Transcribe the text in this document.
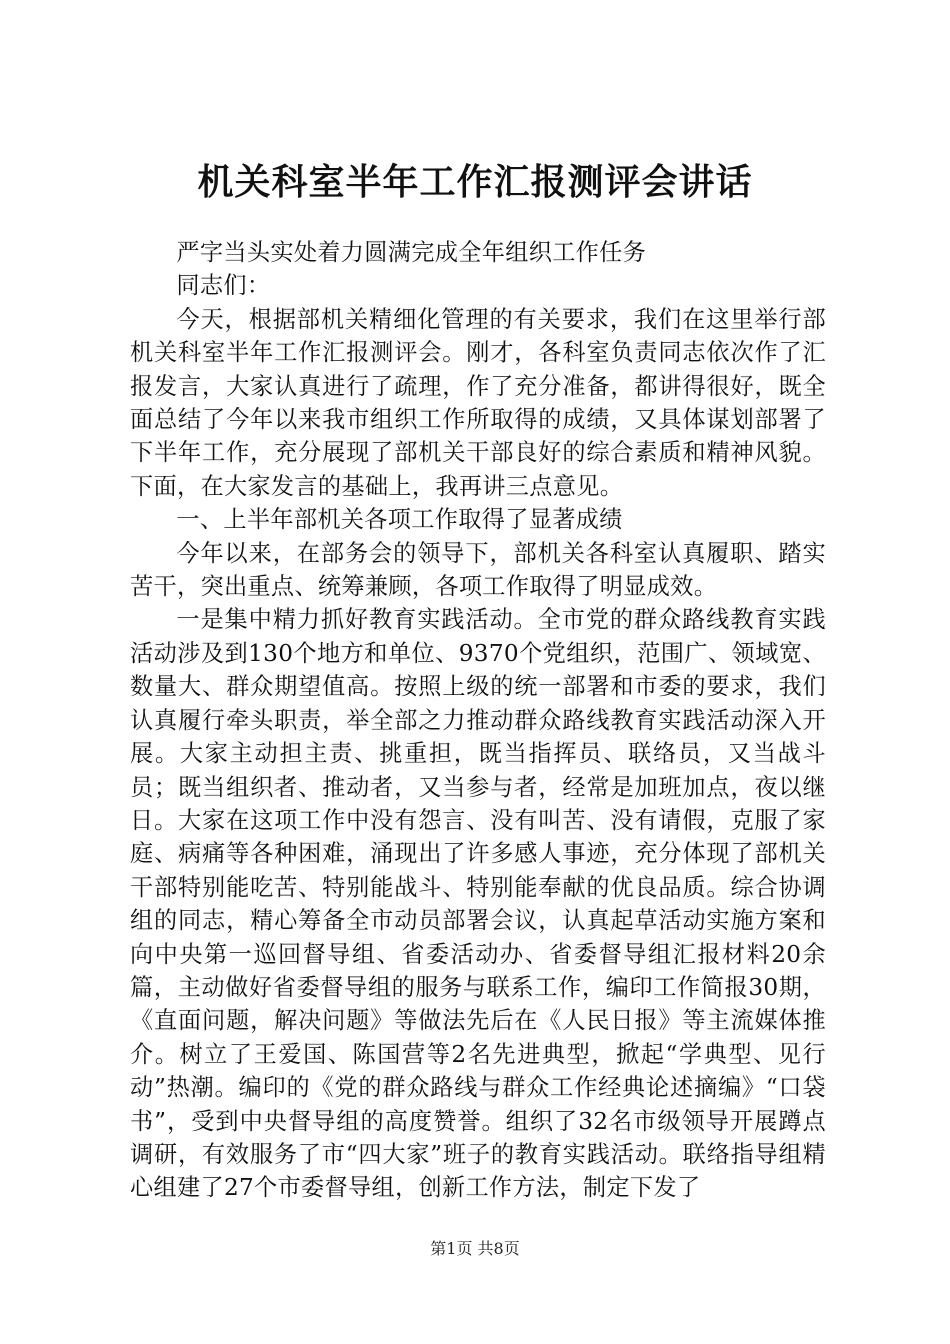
机关科室半年工作汇报测评会讲话

严字当头实处着力圆满完成全年组织工作任务

同志们：

今天，根据部机关精细化管理的有关要求，我们在这里举行部机关科室半年工作汇报测评会。刚才，各科室负责同志依次作了汇报发言，大家认真进行了疏理，作了充分准备，都讲得很好，既全面总结了今年以来我市组织工作所取得的成绩，又具体谋划部署了下半年工作，充分展现了部机关干部良好的综合素质和精神风貌。下面，在大家发言的基础上，我再讲三点意见。

一、上半年部机关各项工作取得了显著成绩

今年以来，在部务会的领导下，部机关各科室认真履职、踏实苦干，突出重点、统筹兼顾，各项工作取得了明显成效。

一是集中精力抓好教育实践活动。全市党的群众路线教育实践活动涉及到130个地方和单位、9370个党组织，范围广、领域宽、数量大、群众期望值高。按照上级的统一部署和市委的要求，我们认真履行牵头职责，举全部之力推动群众路线教育实践活动深入开展。大家主动担主责、挑重担，既当指挥员、联络员，又当战斗员；既当组织者、推动者，又当参与者，经常是加班加点，夜以继日。大家在这项工作中没有怨言、没有叫苦、没有请假，克服了家庭、病痛等各种困难，涌现出了许多感人事迹，充分体现了部机关干部特别能吃苦、特别能战斗、特别能奉献的优良品质。综合协调组的同志，精心筹备全市动员部署会议，认真起草活动实施方案和向中央第一巡回督导组、省委活动办、省委督导组汇报材料20余篇，主动做好省委督导组的服务与联系工作，编印工作简报30期，《直面问题，解决问题》等做法先后在《人民日报》等主流媒体推介。树立了王爱国、陈国营等2名先进典型，掀起“学典型、见行动”热潮。编印的《党的群众路线与群众工作经典论述摘编》“口袋书”，受到中央督导组的高度赞誉。组织了32名市级领导开展蹲点调研，有效服务了市“四大家”班子的教育实践活动。联络指导组精心组建了27个市委督导组，创新工作方法，制定下发了

第1页 共8页
